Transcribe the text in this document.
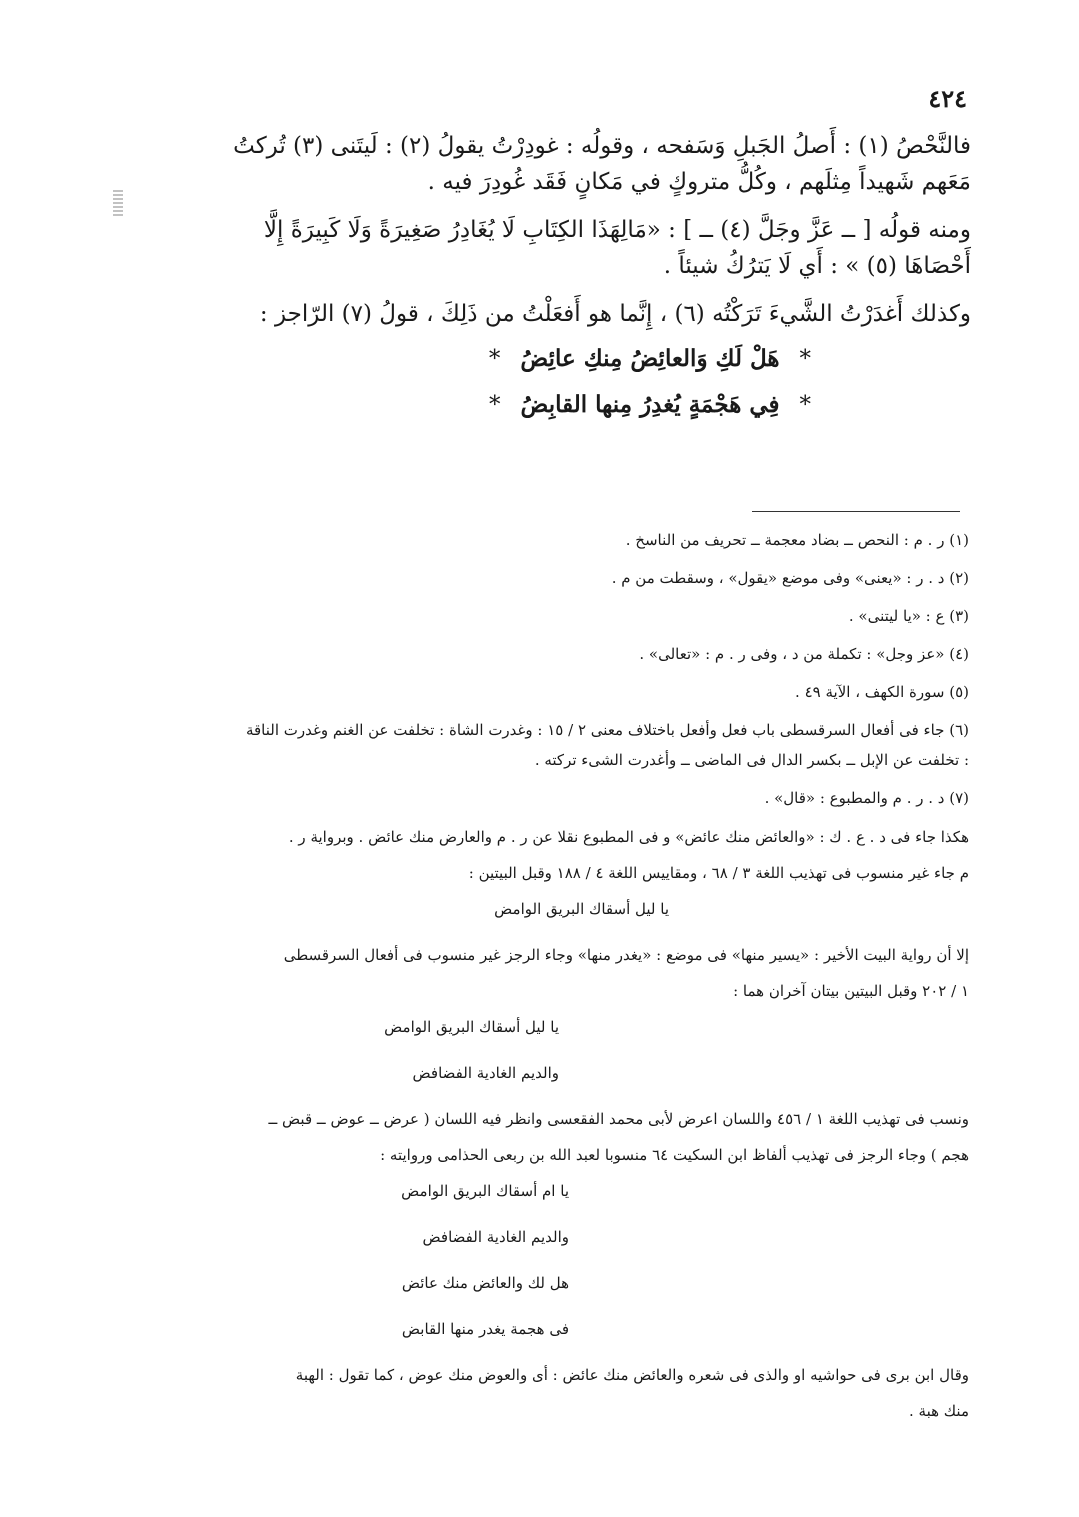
٤٢٤

فالنَّحْصُ (١) : أَصلُ الجَبلِ وَسَفحه ، وقولُه : غودِرْتُ يقولُ (٢) : لَيتَنى (٣) تُركتُ

مَعَهم شَهيداً مِثلَهم ، وكُلُّ متروكٍ في مَكانٍ فَقَد غُودِرَ فيه .

ومنه قولُه [ ــ عَزَّ وجَلَّ (٤) ــ ] : «مَالِهَذَا الكِتَابِ لَا يُغَادِرُ صَغِيرَةً وَلَا كَبِيرَةً إِلَّا

أَحْصَاهَا (٥) » : أَي لَا يَترُكُ شيئاً .

وكذلك أَغدَرْتُ الشَّيءَ تَرَكْتُه (٦) ، إِنَّما هو أَفعَلْتُ من ذَلِكَ ، قولُ (٧) الرّاجز :

*هَلْ لَكِ وَالعائِضُ مِنكِ عائِضُ*
*فِي هَجْمَةٍ يُغدِرُ مِنها القابِضُ*

(١) ر . م : النحص ــ بضاد معجمة ــ تحريف من الناسخ .

(٢) د . ر : «يعنى» وفى موضع «يقول» ، وسقطت من م .

(٣) ع : «يا ليتنى» .

(٤) «عز وجل» : تكملة من د ، وفى ر . م : «تعالى» .

(٥) سورة الكهف ، الآية ٤٩ .

(٦) جاء فى أفعال السرقسطى باب فعل وأفعل باختلاف معنى ٢ / ١٥ : وغدرت الشاة : تخلفت عن الغنم وغدرت الناقة

: تخلفت عن الإبل ــ بكسر الدال فى الماضى ــ وأغدرت الشىء تركته .

(٧) د . ر . م والمطبوع : «قال» .

هكذا جاء فى د . ع . ك : «والعائض منك عائض» و فى المطبوع نقلا عن ر . م والعارض منك عائض . وبرواية ر .

م جاء غير منسوب فى تهذيب اللغة ٣ / ٦٨ ، ومقاييس اللغة ٤ / ١٨٨ وقبل البيتين :

يا ليل أسقاك البريق الوامض

إلا أن رواية البيت الأخير : «يسير منها» فى موضع : «يغدر منها» وجاء الرجز غير منسوب فى أفعال السرقسطى

١ / ٢٠٢ وقبل البيتين بيتان آخران هما :

يا ليل أسقاك البريق الوامض

والديم الغادية الفضافض

ونسب فى تهذيب اللغة ١ / ٤٥٦ واللسان اعرض لأبى محمد الفقعسى وانظر فيه اللسان ( عرض ــ عوض ــ قبض ــ

هجم ) وجاء الرجز فى تهذيب ألفاظ ابن السكيت ٦٤ منسوبا لعبد الله بن ربعى الحذامى وروايته :

يا ام أسقاك البريق الوامض

والديم الغادية الفضافض

هل لك والعائض منك عائض

فى هجمة يغدر منها القابض

وقال ابن برى فى حواشيه او والذى فى شعره والعائض منك عائض : أى والعوض منك عوض ، كما تقول : الهبة

منك هبة .
